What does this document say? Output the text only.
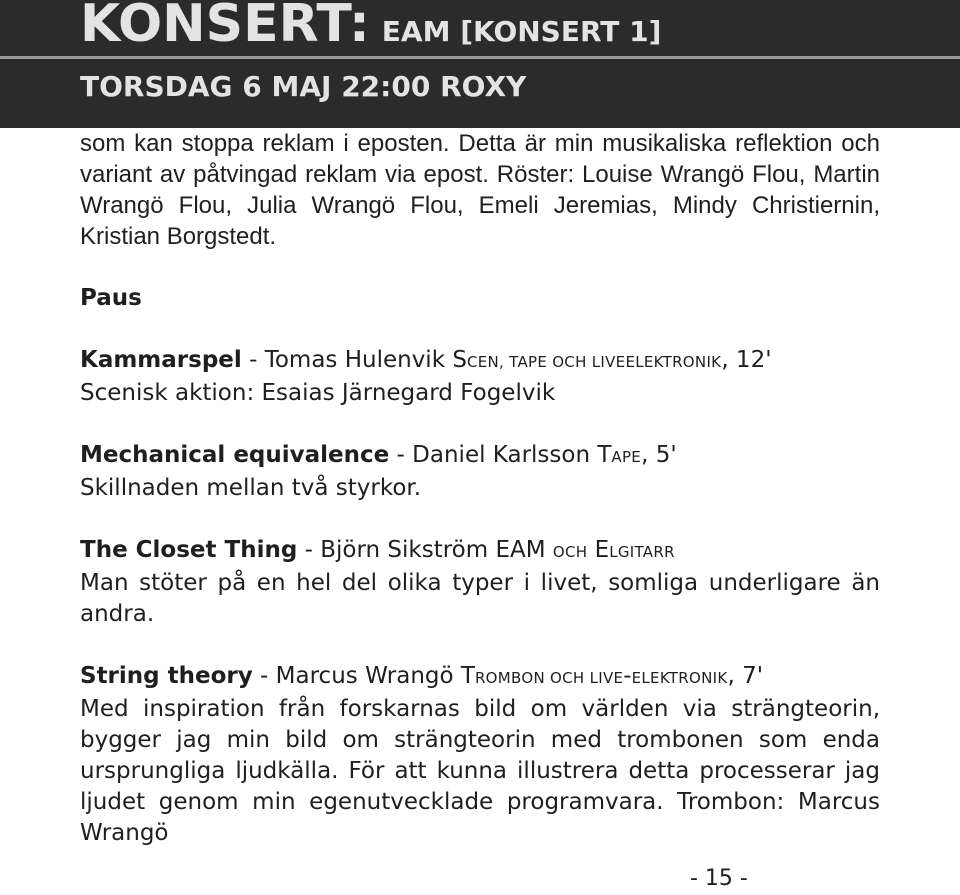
KONSERT: EAM [KONSERT 1]
TORSDAG 6 MAJ 22:00 ROXY

som kan stoppa reklam i eposten. Detta är min musikaliska reflektion och variant av påtvingad reklam via epost. Röster: Louise Wrangö Flou, Martin Wrangö Flou, Julia Wrangö Flou, Emeli Jeremias, Mindy Christiernin, Kristian Borgstedt.

Paus

Kammarspel - Tomas Hulenvik SCEN, TAPE OCH LIVEELEKTRONIK, 12'

Scenisk aktion: Esaias Järnegard Fogelvik

Mechanical equivalence - Daniel Karlsson TAPE, 5'

Skillnaden mellan två styrkor.

The Closet Thing - Björn Sikström EAM OCH ELGITARR

Man stöter på en hel del olika typer i livet, somliga underligare än andra.

String theory - Marcus Wrangö TROMBON OCH LIVE-ELEKTRONIK, 7'

Med inspiration från forskarnas bild om världen via strängteorin, bygger jag min bild om strängteorin med trombonen som enda ursprungliga ljudkälla. För att kunna illustrera detta processerar jag ljudet genom min egenutvecklade programvara. Trombon: Marcus Wrangö

- 15 -
